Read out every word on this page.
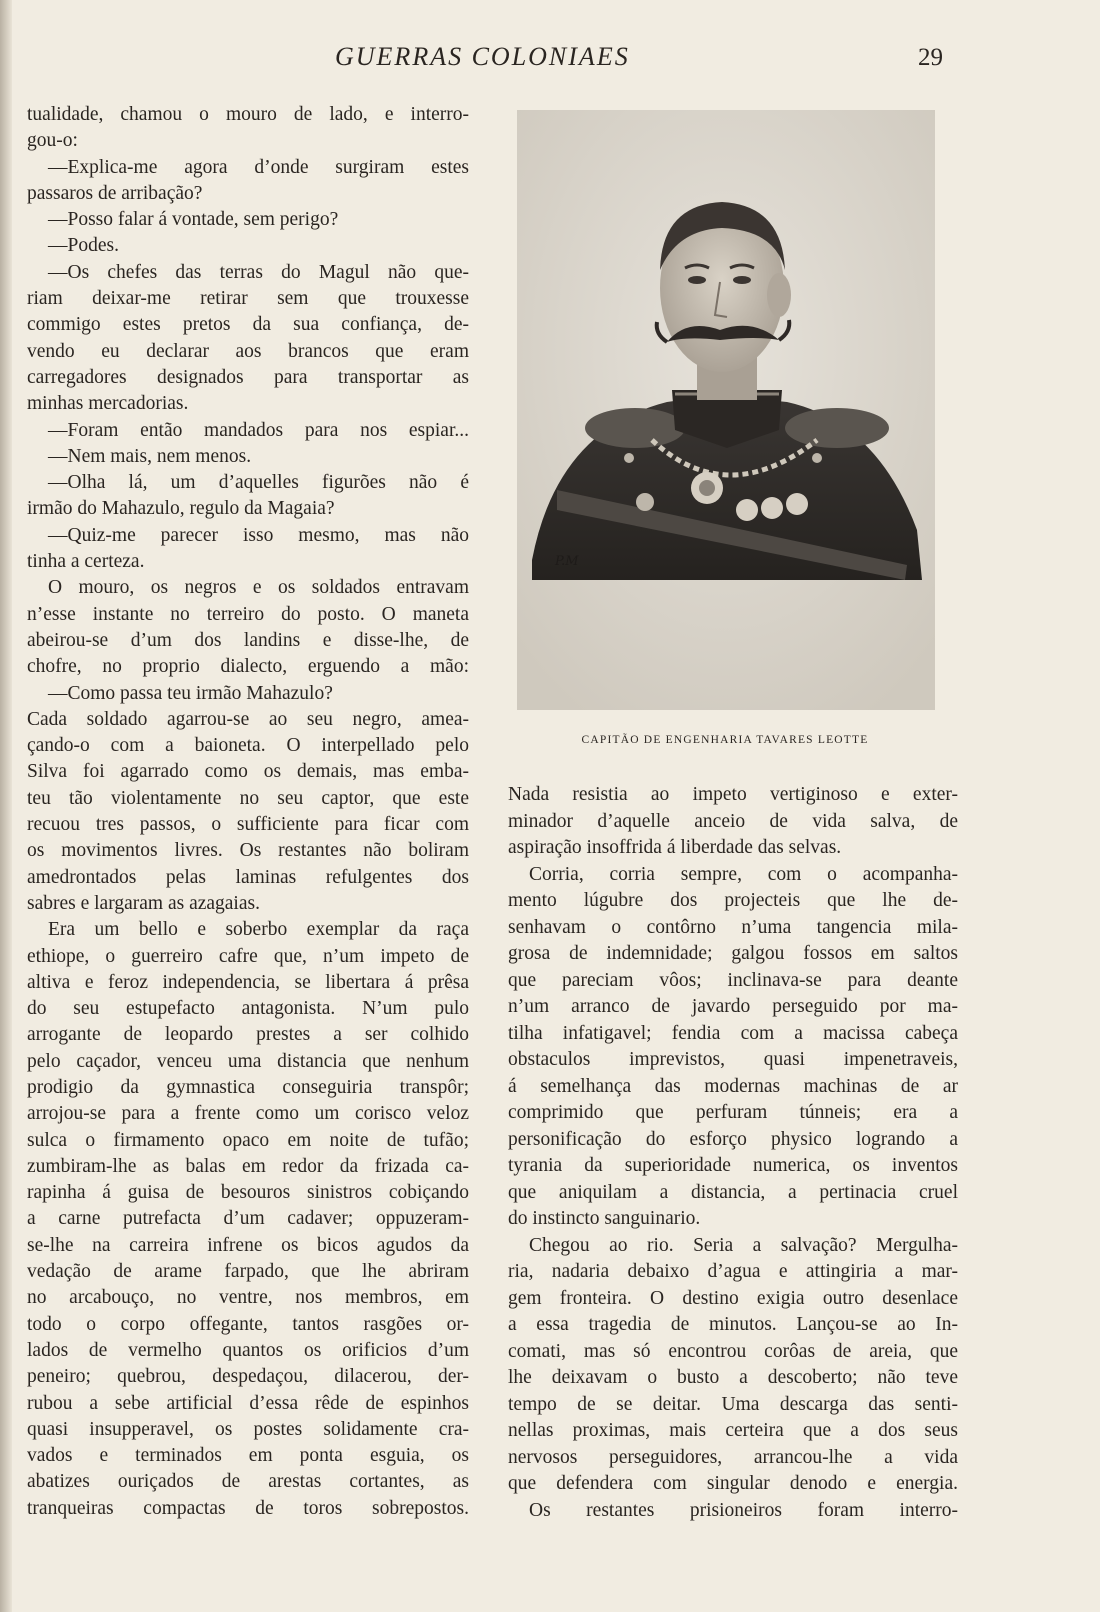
GUERRAS COLONIAES	29
tualidade, chamou o mouro de lado, e interro-
gou-o:
—Explica-me agora d’onde surgiram estes
passaros de arribação?
—Posso falar á vontade, sem perigo?
—Podes.
—Os chefes das terras do Magul não que-
riam deixar-me retirar sem que trouxesse
commigo estes pretos da sua confiança, de-
vendo eu declarar aos brancos que eram
carregadores designados para transportar as
minhas mercadorias.
—Foram então mandados para nos espiar...
—Nem mais, nem menos.
—Olha lá, um d’aquelles figurões não é
irmão do Mahazulo, regulo da Magaia?
—Quiz-me parecer isso mesmo, mas não
tinha a certeza.
O mouro, os negros e os soldados entravam
n’esse instante no terreiro do posto. O maneta
abeirou-se d’um dos landins e disse-lhe, de
chofre, no proprio dialecto, erguendo a mão:
—Como passa teu irmão Mahazulo?
Cada soldado agarrou-se ao seu negro, amea-
çando-o com a baioneta. O interpellado pelo
Silva foi agarrado como os demais, mas emba-
teu tão violentamente no seu captor, que este
recuou tres passos, o sufficiente para ficar com
os movimentos livres. Os restantes não boliram
amedrontados pelas laminas refulgentes dos
sabres e largaram as azagaias.
Era um bello e soberbo exemplar da raça
ethiope, o guerreiro cafre que, n’um impeto de
altiva e feroz independencia, se libertara á prêsa
do seu estupefacto antagonista. N’um pulo
arrogante de leopardo prestes a ser colhido
pelo caçador, venceu uma distancia que nenhum
prodigio da gymnastica conseguiria transpôr;
arrojou-se para a frente como um corisco veloz
sulca o firmamento opaco em noite de tufão;
zumbiram-lhe as balas em redor da frizada ca-
rapinha á guisa de besouros sinistros cobiçando
a carne putrefacta d’um cadaver; oppuzeram-
se-lhe na carreira infrene os bicos agudos da
vedação de arame farpado, que lhe abriram
no arcabouço, no ventre, nos membros, em
todo o corpo offegante, tantos rasgões or-
lados de vermelho quantos os orificios d’um
peneiro; quebrou, despedaçou, dilacerou, der-
rubou a sebe artificial d’essa rêde de espinhos
quasi insupperavel, os postes solidamente cra-
vados e terminados em ponta esguia, os
abatizes ouriçados de arestas cortantes, as
tranqueiras compactas de toros sobrepostos.
P.M
CAPITÃO DE ENGENHARIA TAVARES LEOTTE
Nada resistia ao impeto vertiginoso e exter-
minador d’aquelle anceio de vida salva, de
aspiração insoffrida á liberdade das selvas.
Corria, corria sempre, com o acompanha-
mento lúgubre dos projecteis que lhe de-
senhavam o contôrno n’uma tangencia mila-
grosa de indemnidade; galgou fossos em saltos
que pareciam vôos; inclinava-se para deante
n’um arranco de javardo perseguido por ma-
tilha infatigavel; fendia com a macissa cabeça
obstaculos imprevistos, quasi impenetraveis,
á semelhança das modernas machinas de ar
comprimido que perfuram túnneis; era a
personificação do esforço physico logrando a
tyrania da superioridade numerica, os inventos
que aniquilam a distancia, a pertinacia cruel
do instincto sanguinario.
Chegou ao rio. Seria a salvação? Mergulha-
ria, nadaria debaixo d’agua e attingiria a mar-
gem fronteira. O destino exigia outro desenlace
a essa tragedia de minutos. Lançou-se ao In-
comati, mas só encontrou corôas de areia, que
lhe deixavam o busto a descoberto; não teve
tempo de se deitar. Uma descarga das senti-
nellas proximas, mais certeira que a dos seus
nervosos perseguidores, arrancou-lhe a vida
que defendera com singular denodo e energia.
Os restantes prisioneiros foram interro-
